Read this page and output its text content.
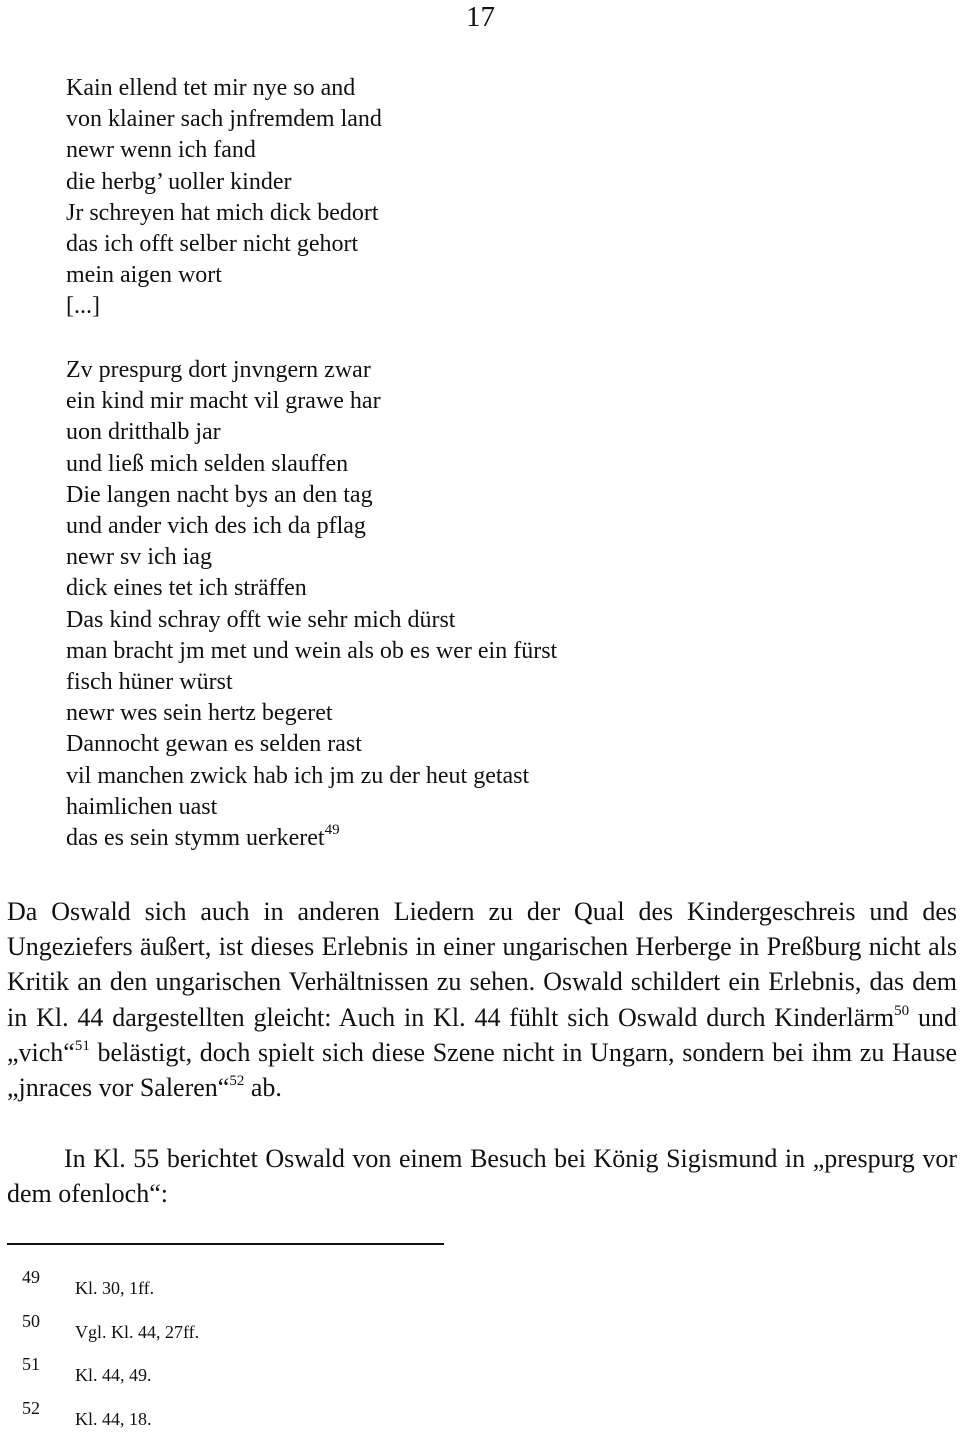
17
Kain ellend tet mir nye so and
von klainer sach jnfremdem land
newr wenn ich fand
die herbg’ uoller kinder
Jr schreyen hat mich dick bedort
das ich offt selber nicht gehort
mein aigen wort
[...]
Zv prespurg dort jnvngern zwar
ein kind mir macht vil grawe har
uon dritthalb jar
und ließ mich selden slauffen
Die langen nacht bys an den tag
und ander vich des ich da pflag
newr sv ich iag
dick eines tet ich sträffen
Das kind schray offt wie sehr mich dürst
man bracht jm met und wein als ob es wer ein fürst
fisch hüner würst
newr wes sein hertz begeret
Dannocht gewan es selden rast
vil manchen zwick hab ich jm zu der heut getast
haimlichen uast
das es sein stymm uerkeret$^{49}$

Da Oswald sich auch in anderen Liedern zu der Qual des Kindergeschreis und des Ungeziefers äußert, ist dieses Erlebnis in einer ungarischen Herberge in Preßburg nicht als Kritik an den ungarischen Verhältnissen zu sehen. Oswald schildert ein Erlebnis, das dem in Kl. 44 dargestellten gleicht: Auch in Kl. 44 fühlt sich Oswald durch Kinderlärm$^{50}$ und „vich“$^{51}$ belästigt, doch spielt sich diese Szene nicht in Ungarn, sondern bei ihm zu Hause „jnraces vor Saleren“$^{52}$ ab.

In Kl. 55 berichtet Oswald von einem Besuch bei König Sigismund in „prespurg vor dem ofenloch“:

49
Kl. 30, 1ff.
50
Vgl. Kl. 44, 27ff.
51
Kl. 44, 49.
52
Kl. 44, 18.
